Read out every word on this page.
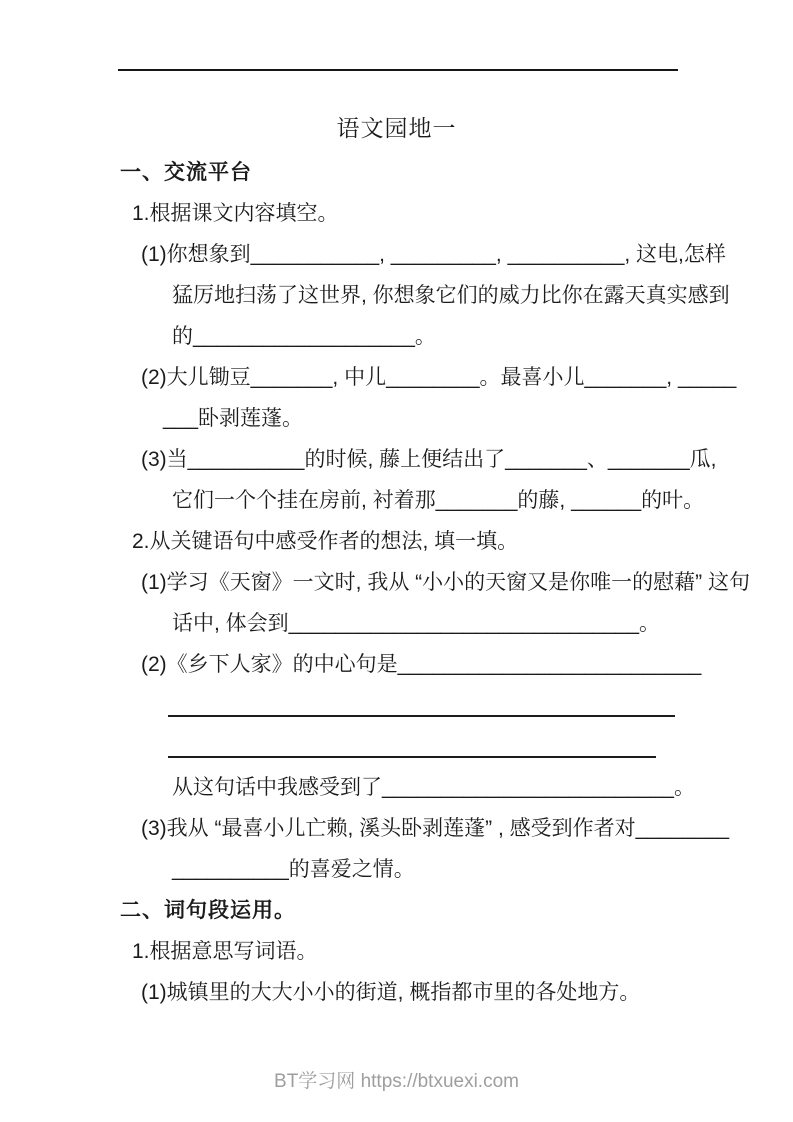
语文园地一
一、交流平台
1.根据课文内容填空。
(1)你想象到___________, _________, __________, 这电,怎样
猛厉地扫荡了这世界, 你想象它们的威力比你在露天真实感到
的___________________。
(2)大儿锄豆_______, 中儿________。最喜小儿_______, _____
___卧剥莲蓬。
(3)当__________的时候, 藤上便结出了_______、_______瓜,
它们一个个挂在房前, 衬着那_______的藤, ______的叶。
2.从关键语句中感受作者的想法, 填一填。
(1)学习《天窗》一文时, 我从 “小小的天窗又是你唯一的慰藉” 这句
话中, 体会到______________________________。
(2)《乡下人家》的中心句是__________________________
从这句话中我感受到了_________________________。
(3)我从 “最喜小儿亡赖, 溪头卧剥莲蓬” , 感受到作者对________
__________的喜爱之情。
二、词句段运用。
1.根据意思写词语。
(1)城镇里的大大小小的街道, 概指都市里的各处地方。
BT学习网 https://btxuexi.com
